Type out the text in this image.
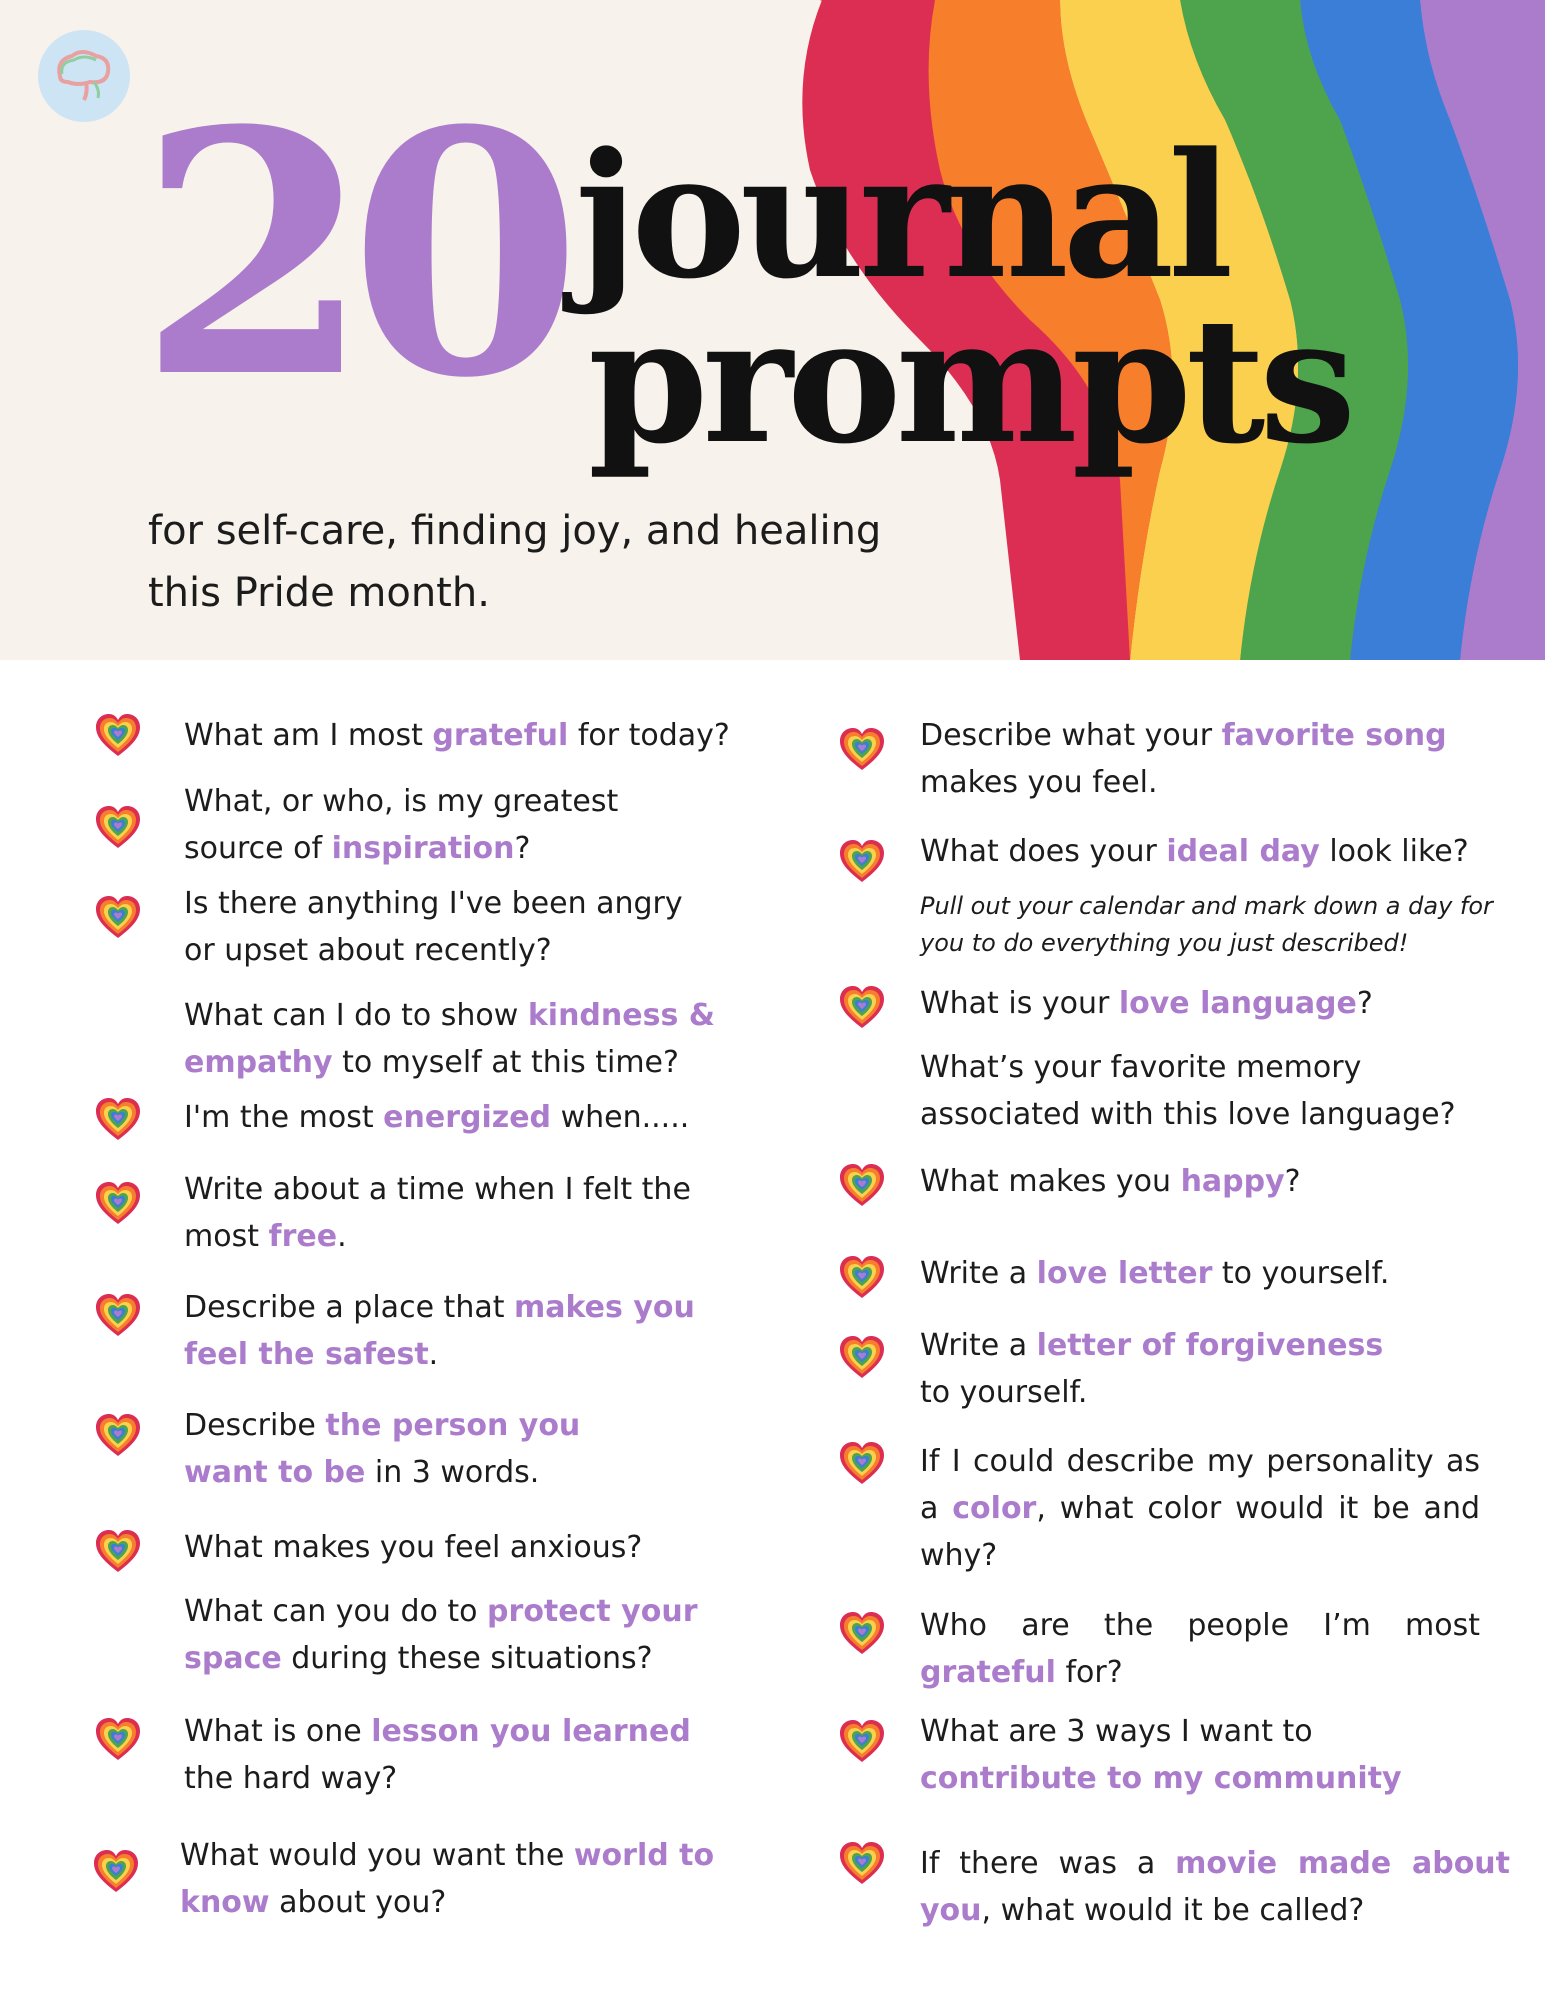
20 journal
prompts
for self-care, finding joy, and healing
this Pride month.
What am I most grateful for today?
What, or who, is my greatest source of inspiration?
Is there anything I've been angry or upset about recently?
What can I do to show kindness & empathy to myself at this time?
I'm the most energized when.....
Write about a time when I felt the most free.
Describe a place that makes you feel the safest.
Describe the person you want to be in 3 words.
What makes you feel anxious?
What can you do to protect your space during these situations?
What is one lesson you learned the hard way?
What would you want the world to know about you?
Describe what your favorite song makes you feel.
What does your ideal day look like?
Pull out your calendar and mark down a day for you to do everything you just described!
What is your love language?
What’s your favorite memory associated with this love language?
What makes you happy?
Write a love letter to yourself.
Write a letter of forgiveness to yourself.
If I could describe my personality as a color, what color would it be and why?
Who are the people I’m most grateful for?
What are 3 ways I want to contribute to my community
If there was a movie made about you, what would it be called?
